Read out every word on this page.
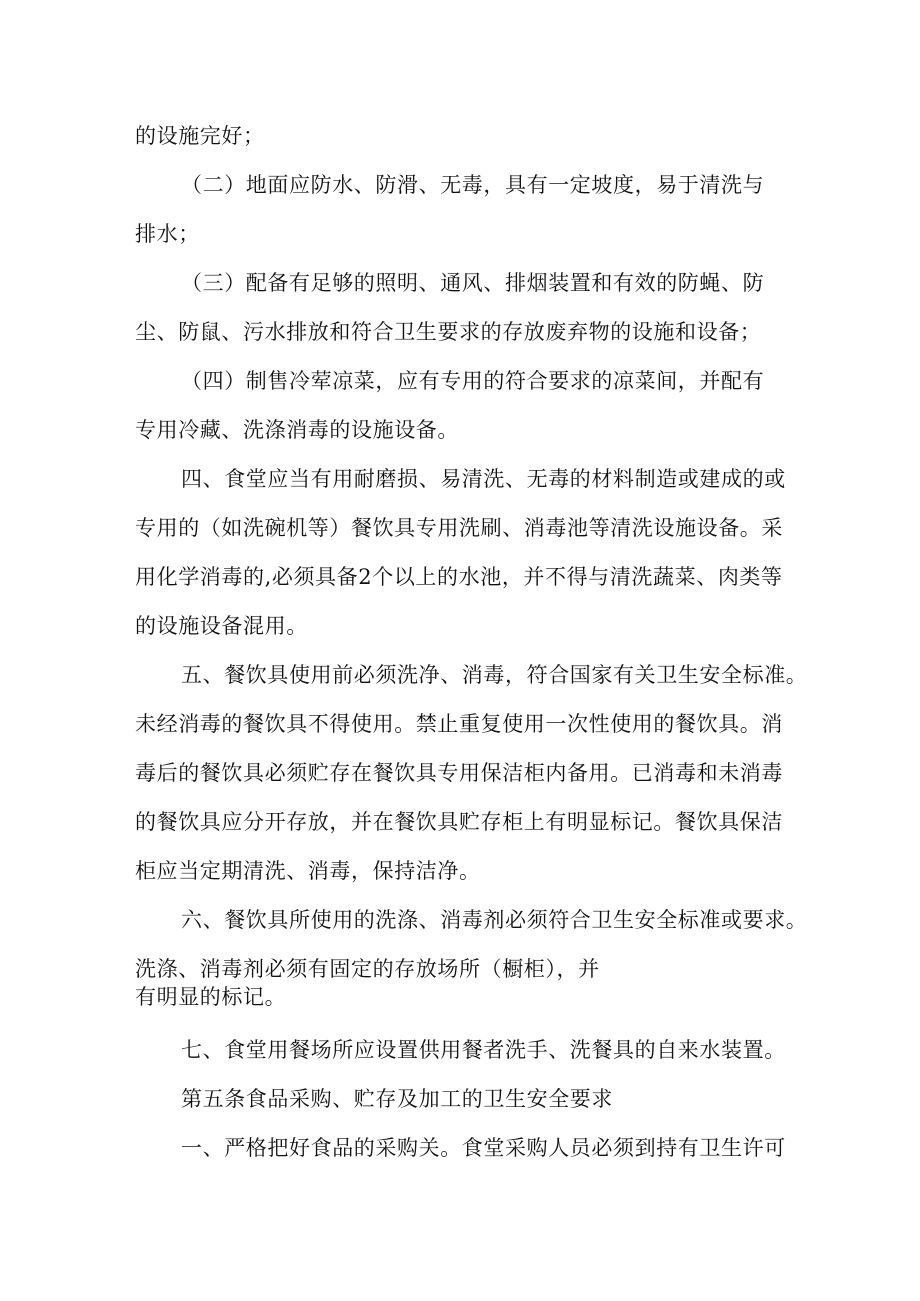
的设施完好；
（二）地面应防水、防滑、无毒，具有一定坡度，易于清洗与
排水；
（三）配备有足够的照明、通风、排烟装置和有效的防蝇、防
尘、防鼠、污水排放和符合卫生要求的存放废弃物的设施和设备；
（四）制售冷荤凉菜，应有专用的符合要求的凉菜间，并配有
专用冷藏、洗涤消毒的设施设备。
四、食堂应当有用耐磨损、易清洗、无毒的材料制造或建成的或
专用的（如洗碗机等）餐饮具专用洗刷、消毒池等清洗设施设备。采
用化学消毒的,必须具备2个以上的水池，并不得与清洗蔬菜、肉类等
的设施设备混用。
五、餐饮具使用前必须洗净、消毒，符合国家有关卫生安全标准。
未经消毒的餐饮具不得使用。禁止重复使用一次性使用的餐饮具。消
毒后的餐饮具必须贮存在餐饮具专用保洁柜内备用。已消毒和未消毒
的餐饮具应分开存放，并在餐饮具贮存柜上有明显标记。餐饮具保洁
柜应当定期清洗、消毒，保持洁净。
六、餐饮具所使用的洗涤、消毒剂必须符合卫生安全标准或要求。
洗涤、消毒剂必须有固定的存放场所（橱柜），并
有明显的标记。
七、食堂用餐场所应设置供用餐者洗手、洗餐具的自来水装置。
第五条食品采购、贮存及加工的卫生安全要求
一、严格把好食品的采购关。食堂采购人员必须到持有卫生许可
